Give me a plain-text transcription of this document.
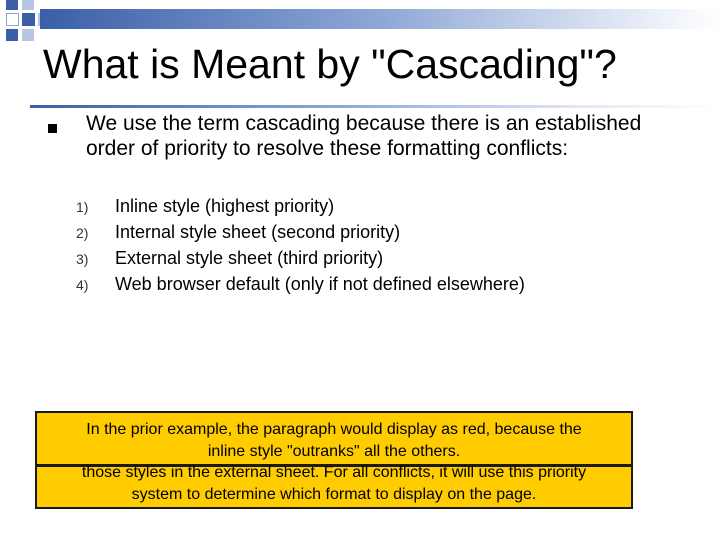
What is Meant by "Cascading"?

We use the term cascading because there is an established order of priority to resolve these formatting conflicts:

1)	Inline style (highest priority)
2)	Internal style sheet (second priority)
3)	External style sheet (third priority)
4)	Web browser default (only if not defined elsewhere)
In the prior example, the paragraph would display as red, because the
inline style "outranks" all the others.
those styles in the external sheet. For all conflicts, it will use this priority
system to determine which format to display on the page.
